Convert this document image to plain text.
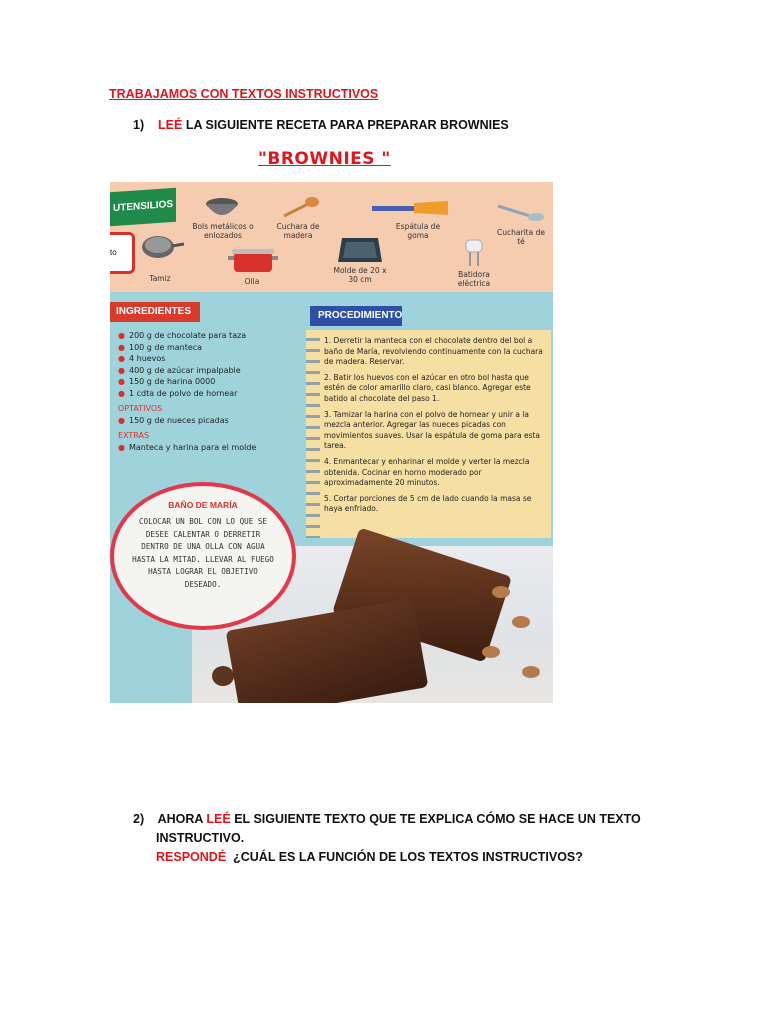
TRABAJAMOS CON TEXTOS INSTRUCTIVOS
1) LEÉ LA SIGUIENTE RECETA PARA PREPARAR BROWNIES
"BROWNIES "
UTENSILIOS
to
Bols metálicos o enlozados
Cuchara de madera
Espátula de goma	Cucharita de té
Tamiz	Olla
Molde de 20 x 30 cm
Batidora eléctrica
INGREDIENTES	PROCEDIMIENTO
● 200 g de chocolate para taza
● 100 g de manteca
● 4 huevos
● 400 g de azúcar impalpable
● 150 g de harina 0000
● 1 cdta de polvo de hornear
OPTATIVOS
● 150 g de nueces picadas
EXTRAS
● Manteca y harina para el molde

1. Derretir la manteca con el chocolate dentro del bol a baño de María, revolviendo continuamente con la cuchara de madera. Reservar.

2. Batir los huevos con el azúcar en otro bol hasta que estén de color amarillo claro, casi blanco. Agregar este batido al chocolate del paso 1.

3. Tamizar la harina con el polvo de hornear y unir a la mezcla anterior. Agregar las nueces picadas con movimientos suaves. Usar la espátula de goma para esta tarea.

4. Enmantecar y enharinar el molde y verter la mezcla obtenida. Cocinar en horno moderado por aproximadamente 20 minutos.

5. Cortar porciones de 5 cm de lado cuando la masa se haya enfriado.

BAÑO DE MARÍA
COLOCAR UN BOL CON LO QUE SE DESEE CALENTAR O DERRETIR DENTRO DE UNA OLLA CON AGUA HASTA LA MITAD. LLEVAR AL FUEGO HASTA LOGRAR EL OBJETIVO DESEADO.
2) AHORA LEÉ EL SIGUIENTE TEXTO QUE TE EXPLICA CÓMO SE HACE UN TEXTO
INSTRUCTIVO.
RESPONDÉ ¿CUÁL ES LA FUNCIÓN DE LOS TEXTOS INSTRUCTIVOS?
